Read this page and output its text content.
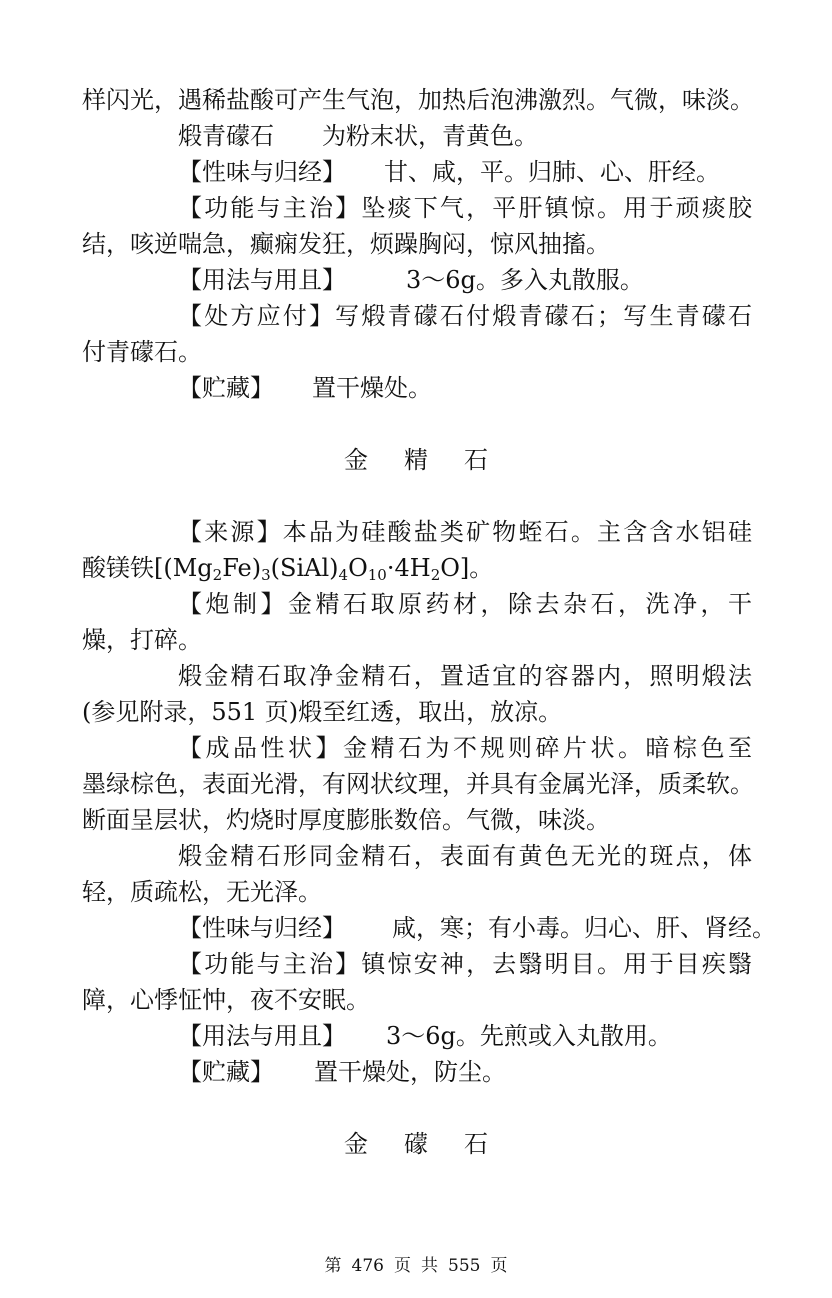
样闪光，遇稀盐酸可产生气泡，加热后泡沸激烈。气微，味淡。
煅青礞石 为粉末状，青黄色。
【性味与归经】 甘、咸，平。归肺、心、肝经。
【功能与主治】坠痰下气，平肝镇惊。用于顽痰胶
结，咳逆喘急，癫痫发狂，烦躁胸闷，惊风抽搐。
【用法与用且】	3～6g。多入丸散服。
【处方应付】写煅青礞石付煅青礞石；写生青礞石
付青礞石。
【贮藏】 置干燥处。
金精石
【来源】本品为硅酸盐类矿物蛭石。主含含水铝硅
酸镁铁$[(Mg_2Fe)_3(SiAl)_4O_{10}\cdot 4H_2O]$。
【炮制】金精石取原药材，除去杂石，洗净，干
燥，打碎。
煅金精石取净金精石，置适宜的容器内，照明煅法
(参见附录，551 页)煅至红透，取出，放凉。
【成品性状】金精石为不规则碎片状。暗棕色至
墨绿棕色，表面光滑，有网状纹理，并具有金属光泽，质柔软。
断面呈层状，灼烧时厚度膨胀数倍。气微，味淡。
煅金精石形同金精石，表面有黄色无光的斑点，体
轻，质疏松，无光泽。
【性味与归经】 咸，寒；有小毒。归心、肝、肾经。
【功能与主治】镇惊安神，去翳明目。用于目疾翳
障，心悸怔忡，夜不安眠。
【用法与用且】 3～6g。先煎或入丸散用。
【贮藏】 置干燥处，防尘。
金礞石
第 476 页 共 555 页
